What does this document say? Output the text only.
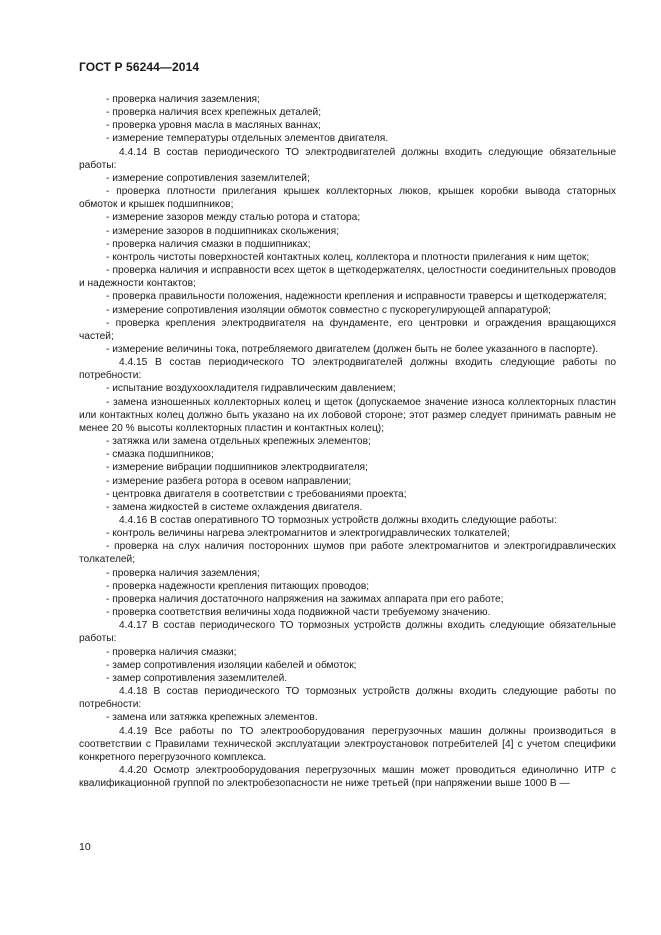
ГОСТ Р 56244—2014

- проверка наличия заземления;

- проверка наличия всех крепежных деталей;

- проверка уровня масла в масляных ваннах;

- измерение температуры отдельных элементов двигателя.

4.4.14 В состав периодического ТО электродвигателей должны входить следующие обязательные работы:

- измерение сопротивления заземлителей;

- проверка плотности прилегания крышек коллекторных люков, крышек коробки вывода статорных обмоток и крышек подшипников;

- измерение зазоров между сталью ротора и статора;

- измерение зазоров в подшипниках скольжения;

- проверка наличия смазки в подшипниках;

- контроль чистоты поверхностей контактных колец, коллектора и плотности прилегания к ним щеток;

- проверка наличия и исправности всех щеток в щеткодержателях, целостности соединительных проводов и надежности контактов;

- проверка правильности положения, надежности крепления и исправности траверсы и щеткодержателя;

- измерение сопротивления изоляции обмоток совместно с пускорегулирующей аппаратурой;

- проверка крепления электродвигателя на фундаменте, его центровки и ограждения вращающихся частей;

- измерение величины тока, потребляемого двигателем (должен быть не более указанного в паспорте).

4.4.15 В состав периодического ТО электродвигателей должны входить следующие работы по потребности:

- испытание воздухоохладителя гидравлическим давлением;

- замена изношенных коллекторных колец и щеток (допускаемое значение износа коллекторных пластин или контактных колец должно быть указано на их лобовой стороне; этот размер следует принимать равным не менее 20 % высоты коллекторных пластин и контактных колец);

- затяжка или замена отдельных крепежных элементов;

- смазка подшипников;

- измерение вибрации подшипников электродвигателя;

- измерение разбега ротора в осевом направлении;

- центровка двигателя в соответствии с требованиями проекта;

- замена жидкостей в системе охлаждения двигателя.

4.4.16 В состав оперативного ТО тормозных устройств должны входить следующие работы:

- контроль величины нагрева электромагнитов и электрогидравлических толкателей;

- проверка на слух наличия посторонних шумов при работе электромагнитов и электрогидравлических толкателей;

- проверка наличия заземления;

- проверка надежности крепления питающих проводов;

- проверка наличия достаточного напряжения на зажимах аппарата при его работе;

- проверка соответствия величины хода подвижной части требуемому значению.

4.4.17 В состав периодического ТО тормозных устройств должны входить следующие обязательные работы:

- проверка наличия смазки;

- замер сопротивления изоляции кабелей и обмоток;

- замер сопротивления заземлителей.

4.4.18 В состав периодического ТО тормозных устройств должны входить следующие работы по потребности:

- замена или затяжка крепежных элементов.

4.4.19 Все работы по ТО электрооборудования перегрузочных машин должны производиться в соответствии с Правилами технической эксплуатации электроустановок потребителей [4] с учетом специфики конкретного перегрузочного комплекса.

4.4.20 Осмотр электрооборудования перегрузочных машин может проводиться единолично ИТР с квалификационной группой по электробезопасности не ниже третьей (при напряжении выше 1000 В —

10
